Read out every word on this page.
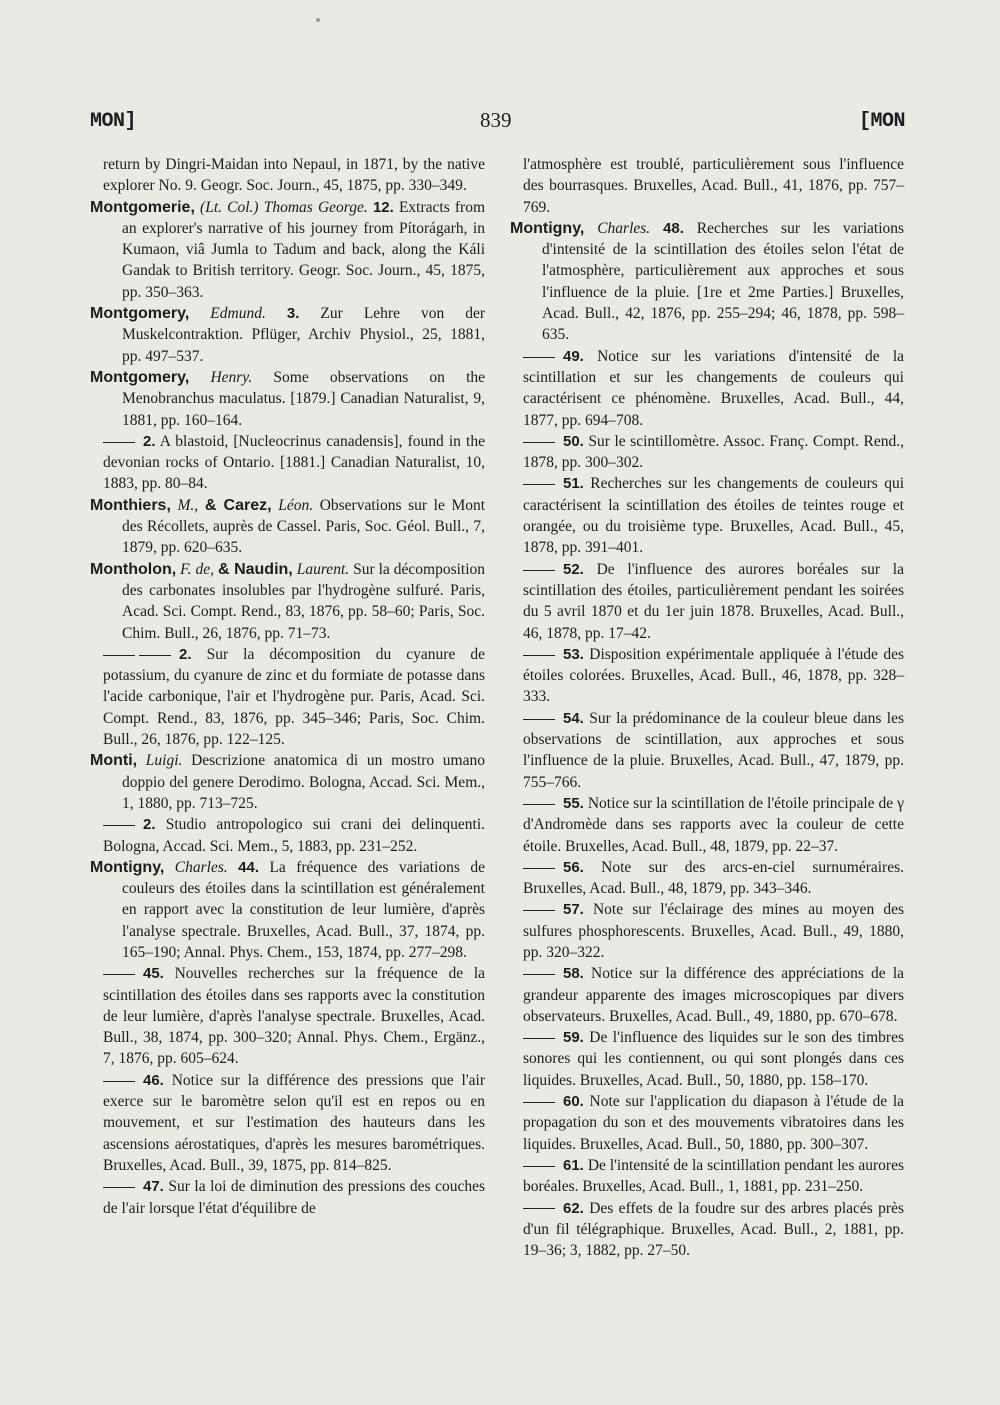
MON]	839	[MON

return by Dingri-Maidan into Nepaul, in 1871, by the native explorer No. 9. Geogr. Soc. Journ., 45, 1875, pp. 330–349.

Montgomerie, (Lt. Col.) Thomas George. 12. Extracts from an explorer's narrative of his journey from Pítorágarh, in Kumaon, viâ Jumla to Tadum and back, along the Káli Gandak to British territory. Geogr. Soc. Journ., 45, 1875, pp. 350–363.

Montgomery, Edmund. 3. Zur Lehre von der Muskelcontraktion. Pflüger, Archiv Physiol., 25, 1881, pp. 497–537.

Montgomery, Henry. Some observations on the Menobranchus maculatus. [1879.] Canadian Naturalist, 9, 1881, pp. 160–164.

2. A blastoid, [Nucleocrinus canadensis], found in the devonian rocks of Ontario. [1881.] Canadian Naturalist, 10, 1883, pp. 80–84.

Monthiers, M., & Carez, Léon. Observations sur le Mont des Récollets, auprès de Cassel. Paris, Soc. Géol. Bull., 7, 1879, pp. 620–635.

Montholon, F. de, & Naudin, Laurent. Sur la décomposition des carbonates insolubles par l'hydrogène sulfuré. Paris, Acad. Sci. Compt. Rend., 83, 1876, pp. 58–60; Paris, Soc. Chim. Bull., 26, 1876, pp. 71–73.

2. Sur la décomposition du cyanure de potassium, du cyanure de zinc et du formiate de potasse dans l'acide carbonique, l'air et l'hydrogène pur. Paris, Acad. Sci. Compt. Rend., 83, 1876, pp. 345–346; Paris, Soc. Chim. Bull., 26, 1876, pp. 122–125.

Monti, Luigi. Descrizione anatomica di un mostro umano doppio del genere Derodimo. Bologna, Accad. Sci. Mem., 1, 1880, pp. 713–725.

2. Studio antropologico sui crani dei delinquenti. Bologna, Accad. Sci. Mem., 5, 1883, pp. 231–252.

Montigny, Charles. 44. La fréquence des variations de couleurs des étoiles dans la scintillation est généralement en rapport avec la constitution de leur lumière, d'après l'analyse spectrale. Bruxelles, Acad. Bull., 37, 1874, pp. 165–190; Annal. Phys. Chem., 153, 1874, pp. 277–298.

45. Nouvelles recherches sur la fréquence de la scintillation des étoiles dans ses rapports avec la constitution de leur lumière, d'après l'analyse spectrale. Bruxelles, Acad. Bull., 38, 1874, pp. 300–320; Annal. Phys. Chem., Ergänz., 7, 1876, pp. 605–624.

46. Notice sur la différence des pressions que l'air exerce sur le baromètre selon qu'il est en repos ou en mouvement, et sur l'estimation des hauteurs dans les ascensions aérostatiques, d'après les mesures barométriques. Bruxelles, Acad. Bull., 39, 1875, pp. 814–825.

47. Sur la loi de diminution des pressions des couches de l'air lorsque l'état d'équilibre de

l'atmosphère est troublé, particulièrement sous l'influence des bourrasques. Bruxelles, Acad. Bull., 41, 1876, pp. 757–769.

Montigny, Charles. 48. Recherches sur les variations d'intensité de la scintillation des étoiles selon l'état de l'atmosphère, particulièrement aux approches et sous l'influence de la pluie. [1re et 2me Parties.] Bruxelles, Acad. Bull., 42, 1876, pp. 255–294; 46, 1878, pp. 598–635.

49. Notice sur les variations d'intensité de la scintillation et sur les changements de couleurs qui caractérisent ce phénomène. Bruxelles, Acad. Bull., 44, 1877, pp. 694–708.

50. Sur le scintillomètre. Assoc. Franç. Compt. Rend., 1878, pp. 300–302.

51. Recherches sur les changements de couleurs qui caractérisent la scintillation des étoiles de teintes rouge et orangée, ou du troisième type. Bruxelles, Acad. Bull., 45, 1878, pp. 391–401.

52. De l'influence des aurores boréales sur la scintillation des étoiles, particulièrement pendant les soirées du 5 avril 1870 et du 1er juin 1878. Bruxelles, Acad. Bull., 46, 1878, pp. 17–42.

53. Disposition expérimentale appliquée à l'étude des étoiles colorées. Bruxelles, Acad. Bull., 46, 1878, pp. 328–333.

54. Sur la prédominance de la couleur bleue dans les observations de scintillation, aux approches et sous l'influence de la pluie. Bruxelles, Acad. Bull., 47, 1879, pp. 755–766.

55. Notice sur la scintillation de l'étoile principale de γ d'Andromède dans ses rapports avec la couleur de cette étoile. Bruxelles, Acad. Bull., 48, 1879, pp. 22–37.

56. Note sur des arcs-en-ciel surnuméraires. Bruxelles, Acad. Bull., 48, 1879, pp. 343–346.

57. Note sur l'éclairage des mines au moyen des sulfures phosphorescents. Bruxelles, Acad. Bull., 49, 1880, pp. 320–322.

58. Notice sur la différence des appréciations de la grandeur apparente des images microscopiques par divers observateurs. Bruxelles, Acad. Bull., 49, 1880, pp. 670–678.

59. De l'influence des liquides sur le son des timbres sonores qui les contiennent, ou qui sont plongés dans ces liquides. Bruxelles, Acad. Bull., 50, 1880, pp. 158–170.

60. Note sur l'application du diapason à l'étude de la propagation du son et des mouvements vibratoires dans les liquides. Bruxelles, Acad. Bull., 50, 1880, pp. 300–307.

61. De l'intensité de la scintillation pendant les aurores boréales. Bruxelles, Acad. Bull., 1, 1881, pp. 231–250.

62. Des effets de la foudre sur des arbres placés près d'un fil télégraphique. Bruxelles, Acad. Bull., 2, 1881, pp. 19–36; 3, 1882, pp. 27–50.
